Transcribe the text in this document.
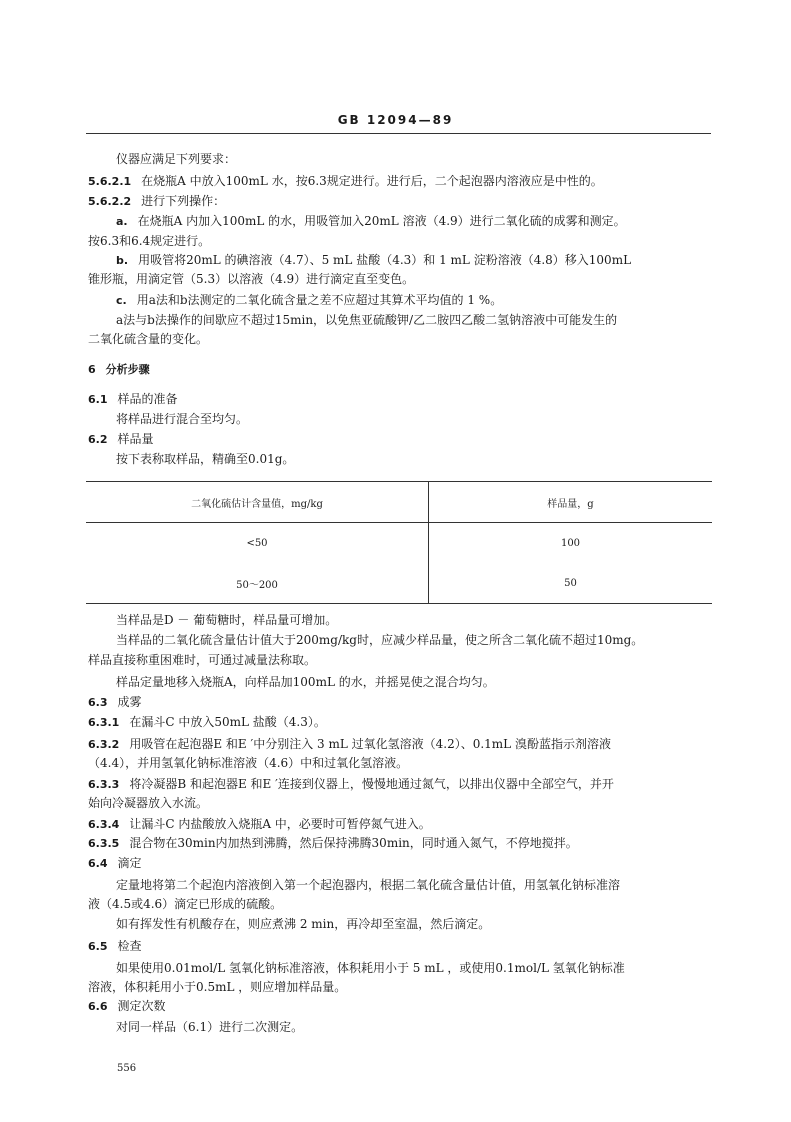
GB 12094—89
仪器应满足下列要求：
5.6.2.1 在烧瓶A 中放入100mL 水，按6.3规定进行。进行后，二个起泡器内溶液应是中性的。
5.6.2.2 进行下列操作：
a. 在烧瓶A 内加入100mL 的水，用吸管加入20mL 溶液（4.9）进行二氧化硫的成雾和测定。
按6.3和6.4规定进行。
b. 用吸管将20mL 的碘溶液（4.7）、5 mL 盐酸（4.3）和 1 mL 淀粉溶液（4.8）移入100mL
锥形瓶，用滴定管（5.3）以溶液（4.9）进行滴定直至变色。
c. 用a法和b法测定的二氧化硫含量之差不应超过其算术平均值的 1 %。
a法与b法操作的间歇应不超过15min，以免焦亚硫酸钾/乙二胺四乙酸二氢钠溶液中可能发生的
二氧化硫含量的变化。
6 分析步骤
6.1 样品的准备
将样品进行混合至均匀。
6.2 样品量
按下表称取样品，精确至0.01g。
二氧化硫估计含量值，mg/kg	样品量，g
<50	100
50～200	50
当样品是D － 葡萄糖时，样品量可增加。
当样品的二氧化硫含量估计值大于200mg/kg时，应减少样品量，使之所含二氧化硫不超过10mg。
样品直接称重困难时，可通过减量法称取。
样品定量地移入烧瓶A，向样品加100mL 的水，并摇晃使之混合均匀。
6.3 成雾
6.3.1 在漏斗C 中放入50mL 盐酸（4.3）。
6.3.2 用吸管在起泡器E 和E ′中分别注入 3 mL 过氧化氢溶液（4.2）、0.1mL 溴酚蓝指示剂溶液
（4.4），并用氢氧化钠标准溶液（4.6）中和过氧化氢溶液。
6.3.3 将冷凝器B 和起泡器E 和E ′连接到仪器上，慢慢地通过氮气，以排出仪器中全部空气，并开
始向冷凝器放入水流。
6.3.4 让漏斗C 内盐酸放入烧瓶A 中，必要时可暂停氮气进入。
6.3.5 混合物在30min内加热到沸腾，然后保持沸腾30min，同时通入氮气，不停地搅拌。
6.4 滴定
定量地将第二个起泡内溶液倒入第一个起泡器内，根据二氧化硫含量估计值，用氢氧化钠标准溶
液（4.5或4.6）滴定已形成的硫酸。
如有挥发性有机酸存在，则应煮沸 2 min，再冷却至室温，然后滴定。
6.5 检查
如果使用0.01mol/L 氢氧化钠标准溶液，体积耗用小于 5 mL ，或使用0.1mol/L 氢氧化钠标准
溶液，体积耗用小于0.5mL ，则应增加样品量。
6.6 测定次数
对同一样品（6.1）进行二次测定。
556
